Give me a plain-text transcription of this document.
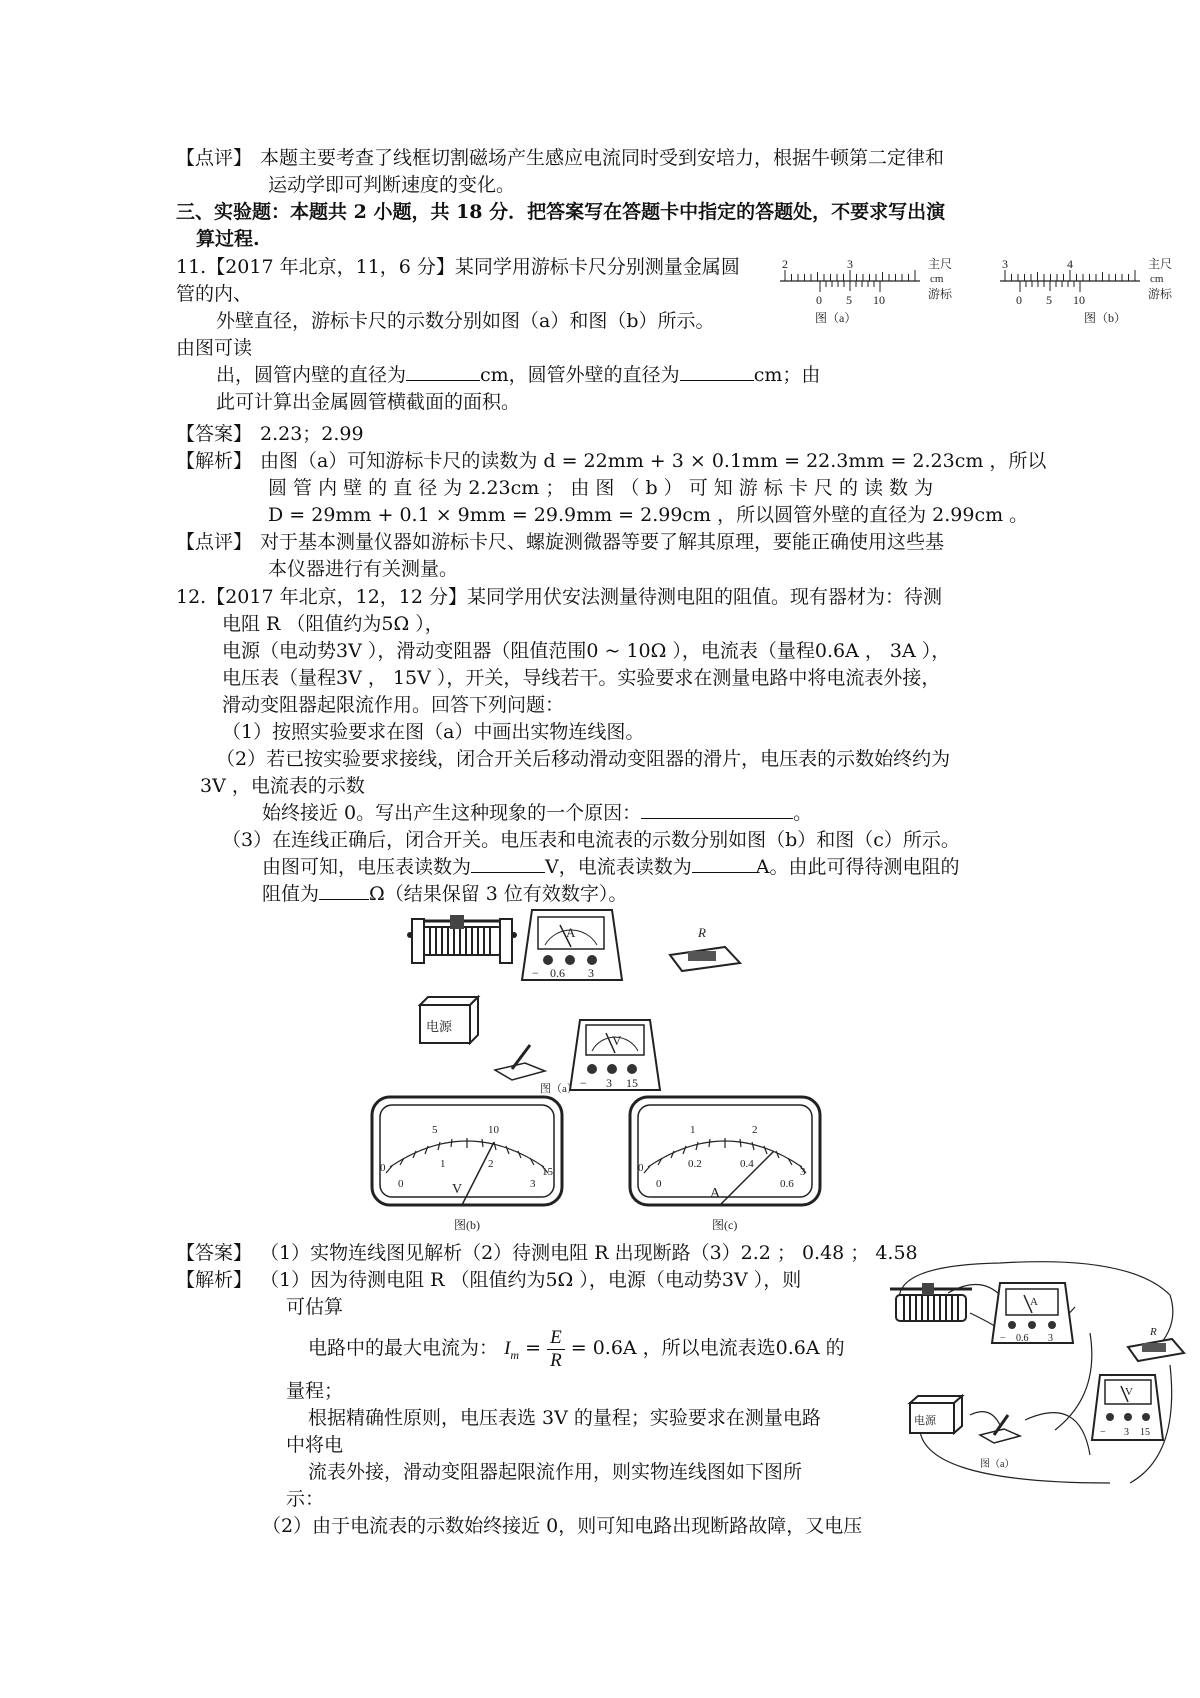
【点评】 本题主要考查了线框切割磁场产生感应电流同时受到安培力，根据牛顿第二定律和
运动学即可判断速度的变化。
三、实验题：本题共 2 小题，共 18 分．把答案写在答题卡中指定的答题处，不要求写出演
算过程.
11.【2017 年北京，11，6 分】某同学用游标卡尺分别测量金属圆
管的内、
外壁直径，游标卡尺的示数分别如图（a）和图（b）所示。
由图可读
出，圆管内壁的直径为	cm，圆管外壁的直径为	cm；由
此可计算出金属圆管横截面的面积。
2	3
0 5 10
主尺
cm
游标
图（a）
3	4
0 5 10
主尺
cm
游标
图（b）
【答案】 2.23；2.99
【解析】 由图（a）可知游标卡尺的读数为 d = 22mm + 3 × 0.1mm = 22.3mm = 2.23cm ，所以
圆 管 内 壁 的 直 径 为 2.23cm ； 由 图 （ b ） 可 知 游 标 卡 尺 的 读 数 为
D = 29mm + 0.1 × 9mm = 29.9mm = 2.99cm ，所以圆管外壁的直径为 2.99cm 。
【点评】 对于基本测量仪器如游标卡尺、螺旋测微器等要了解其原理，要能正确使用这些基
本仪器进行有关测量。
12.【2017 年北京，12，12 分】某同学用伏安法测量待测电阻的阻值。现有器材为：待测
电阻 R （阻值约为5Ω ），
电源（电动势3V ），滑动变阻器（阻值范围0 ~ 10Ω ），电流表（量程0.6A ， 3A ），
电压表（量程3V ， 15V ），开关，导线若干。实验要求在测量电路中将电流表外接，
滑动变阻器起限流作用。回答下列问题：
（1）按照实验要求在图（a）中画出实物连线图。
（2）若已按实验要求接线，闭合开关后移动滑动变阻器的滑片，电压表的示数始终约为
3V ，电流表的示数
始终接近 0。写出产生这种现象的一个原因：	。
（3）在连线正确后，闭合开关。电压表和电流表的示数分别如图（b）和图（c）所示。
由图可知，电压表读数为	V，电流表读数为	A。由此可得待测电阻的
阻值为	Ω（结果保留 3 位有效数字）。
A
− 0.6 3
R
电源
V
− 3 15
图（a）
0
5	10
15
0
1	2
3
V
图(b)
0
1	2
3
0
0.2	0.4
0.6
A
图(c)
【答案】 （1）实物连线图见解析（2）待测电阻 R 出现断路（3）2.2 ； 0.48 ； 4.58
【解析】 （1）因为待测电阻 R （阻值约为5Ω ），电源（电动势3V ），则
可估算
电路中的最大电流为： $I_m = \frac{E}{R} = 0.6A$ ，所以电流表选0.6A 的
量程；
根据精确性原则，电压表选 3V 的量程；实验要求在测量电路
中将电
流表外接，滑动变阻器起限流作用，则实物连线图如下图所
示：
（2）由于电流表的示数始终接近 0，则可知电路出现断路故障，又电压
A
− 0.6 3
R
电源
V
− 3 15
图（a）
